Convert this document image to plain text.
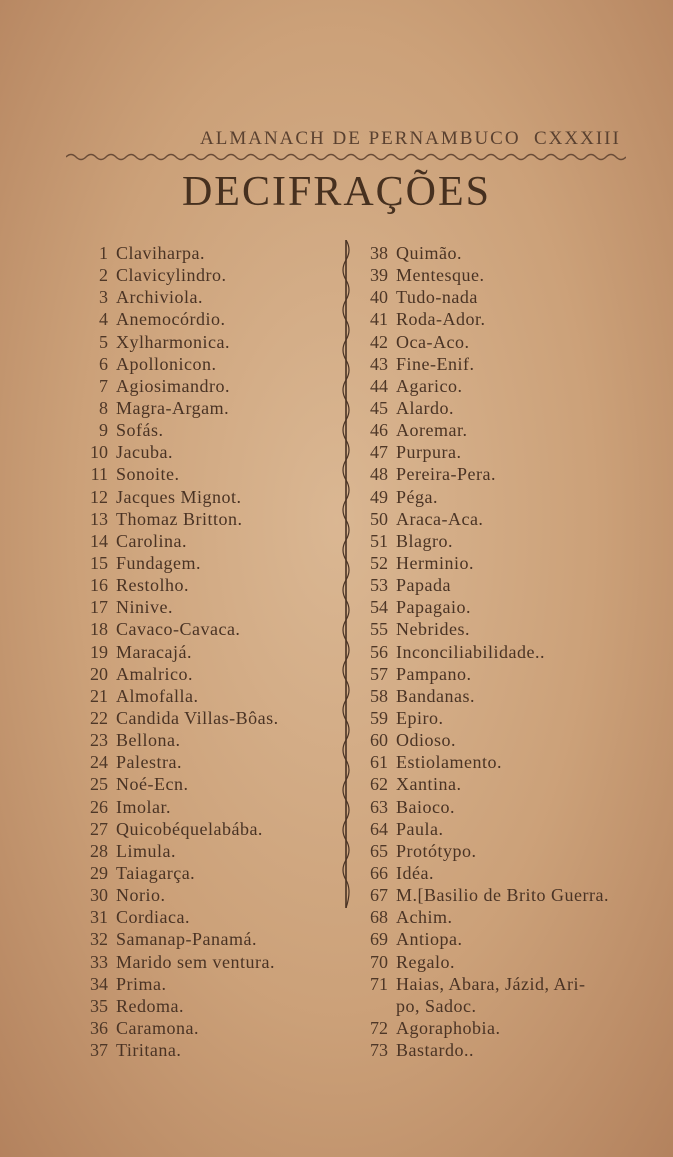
ALMANACH DE PERNAMBUCO CXXXIII
DECIFRAÇÕES
1 Claviharpa.
2 Clavicylindro.
3 Archiviola.
4 Anemocórdio.
5 Xylharmonica.
6 Apollonicon.
7 Agiosimandro.
8 Magra-Argam.
9 Sofás.
10 Jacuba.
11 Sonoite.
12 Jacques Mignot.
13 Thomaz Britton.
14 Carolina.
15 Fundagem.
16 Restolho.
17 Ninive.
18 Cavaco-Cavaca.
19 Maracajá.
20 Amalrico.
21 Almofalla.
22 Candida Villas-Bôas.
23 Bellona.
24 Palestra.
25 Noé-Ecn.
26 Imolar.
27 Quicobéquelabába.
28 Limula.
29 Taiagarça.
30 Norio.
31 Cordiaca.
32 Samanap-Panamá.
33 Marido sem ventura.
34 Prima.
35 Redoma.
36 Caramona.
37 Tiritana.
38 Quimão.
39 Mentesque.
40 Tudo-nada
41 Roda-Ador.
42 Oca-Aco.
43 Fine-Enif.
44 Agarico.
45 Alardo.
46 Aoremar.
47 Purpura.
48 Pereira-Pera.
49 Péga.
50 Araca-Aca.
51 Blagro.
52 Herminio.
53 Papada
54 Papagaio.
55 Nebrides.
56 Inconciliabilidade..
57 Pampano.
58 Bandanas.
59 Epiro.
60 Odioso.
61 Estiolamento.
62 Xantina.
63 Baioco.
64 Paula.
65 Protótypo.
66 Idéa.
67 M.[Basilio de Brito Guerra.
68 Achim.
69 Antiopa.
70 Regalo.
71 Haias, Abara, Jázid, Ari-
po, Sadoc.
72 Agoraphobia.
73 Bastardo..
